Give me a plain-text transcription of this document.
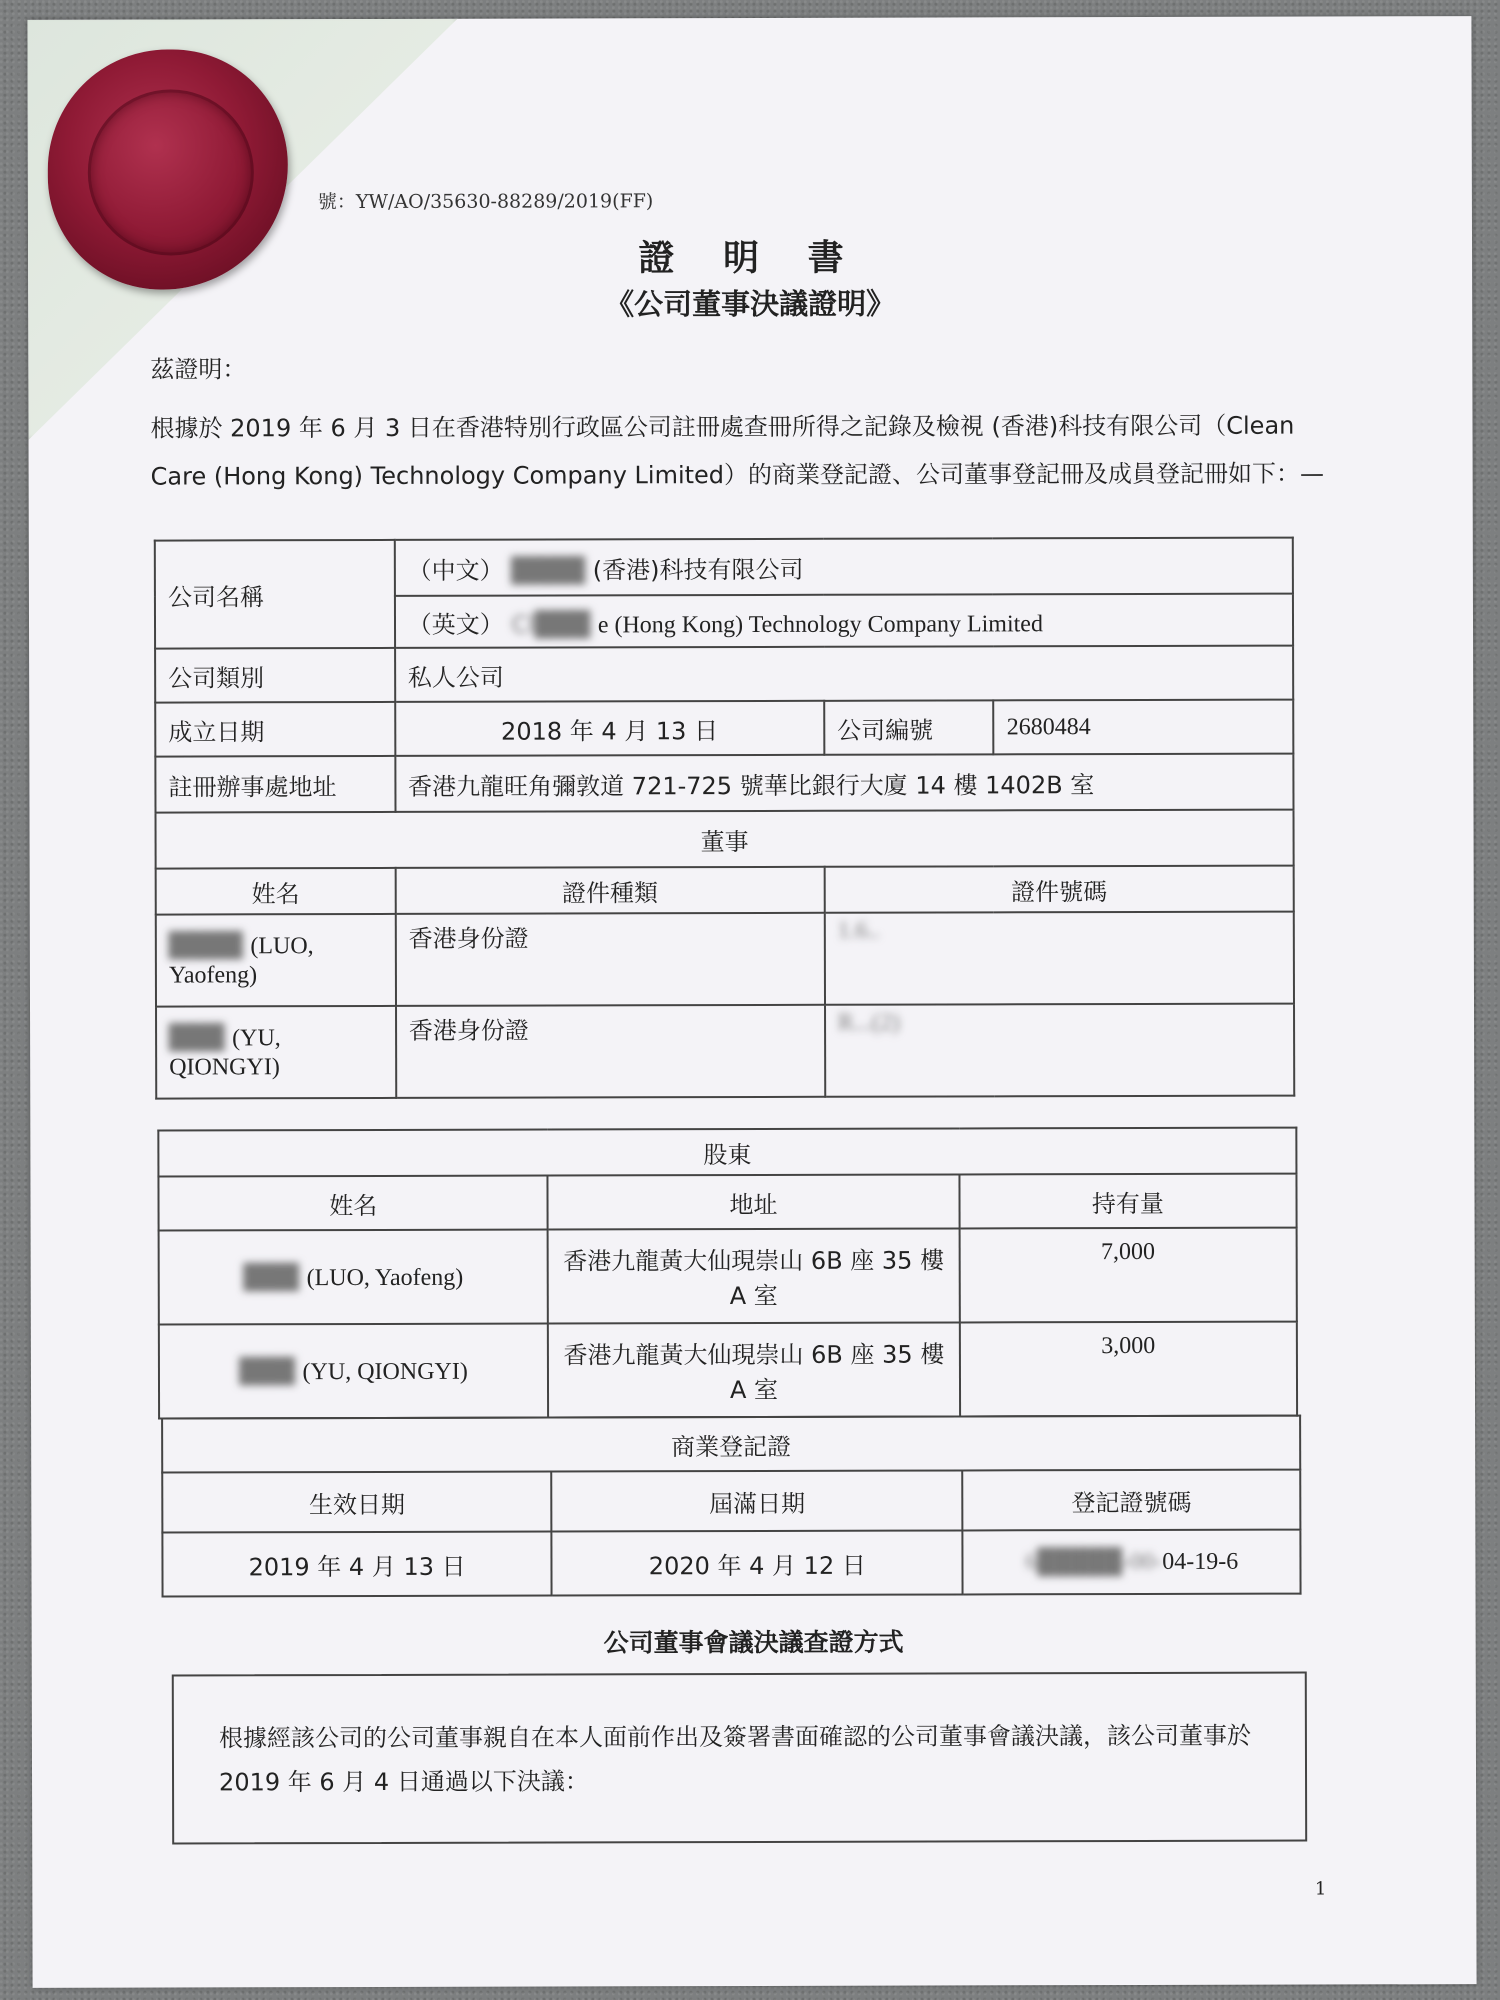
號：YW/AO/35630-88289/2019(FF)
證 明 書
《公司董事決議證明》
茲證明：
根據於 2019 年 6 月 3 日在香港特別行政區公司註冊處查冊所得之記錄及檢視 (香港)科技有限公司（Clean Care (Hong Kong) Technology Company Limited）的商業登記證、公司董事登記冊及成員登記冊如下：—
公司名稱	（中文） ████ (香港)科技有限公司		
	（英文） Cl███ e (Hong Kong) Technology Company Limited		
公司類別	私人公司		
成立日期	2018 年 4 月 13 日	公司編號	2680484
註冊辦事處地址	香港九龍旺角彌敦道 721-725 號華比銀行大廈 14 樓 1402B 室		
董事			
姓名	證件種類	證件號碼	
████ (LUO, Yaofeng)	香港身份證	1.6..	
███ (YU, QIONGYI)	香港身份證	R...(2)	
股東		
姓名	地址	持有量
███ (LUO, Yaofeng)	香港九龍黃大仙現崇山 6B 座 35 樓 A 室	7,000
███ (YU, QIONGYI)	香港九龍黃大仙現崇山 6B 座 35 樓 A 室	3,000
商業登記證		
生效日期	屆滿日期	登記證號碼
2019 年 4 月 13 日	2020 年 4 月 12 日	6█████-00-04-19-6
公司董事會議決議查證方式
根據經該公司的公司董事親自在本人面前作出及簽署書面確認的公司董事會議決議，該公司董事於 2019 年 6 月 4 日通過以下決議：
1
